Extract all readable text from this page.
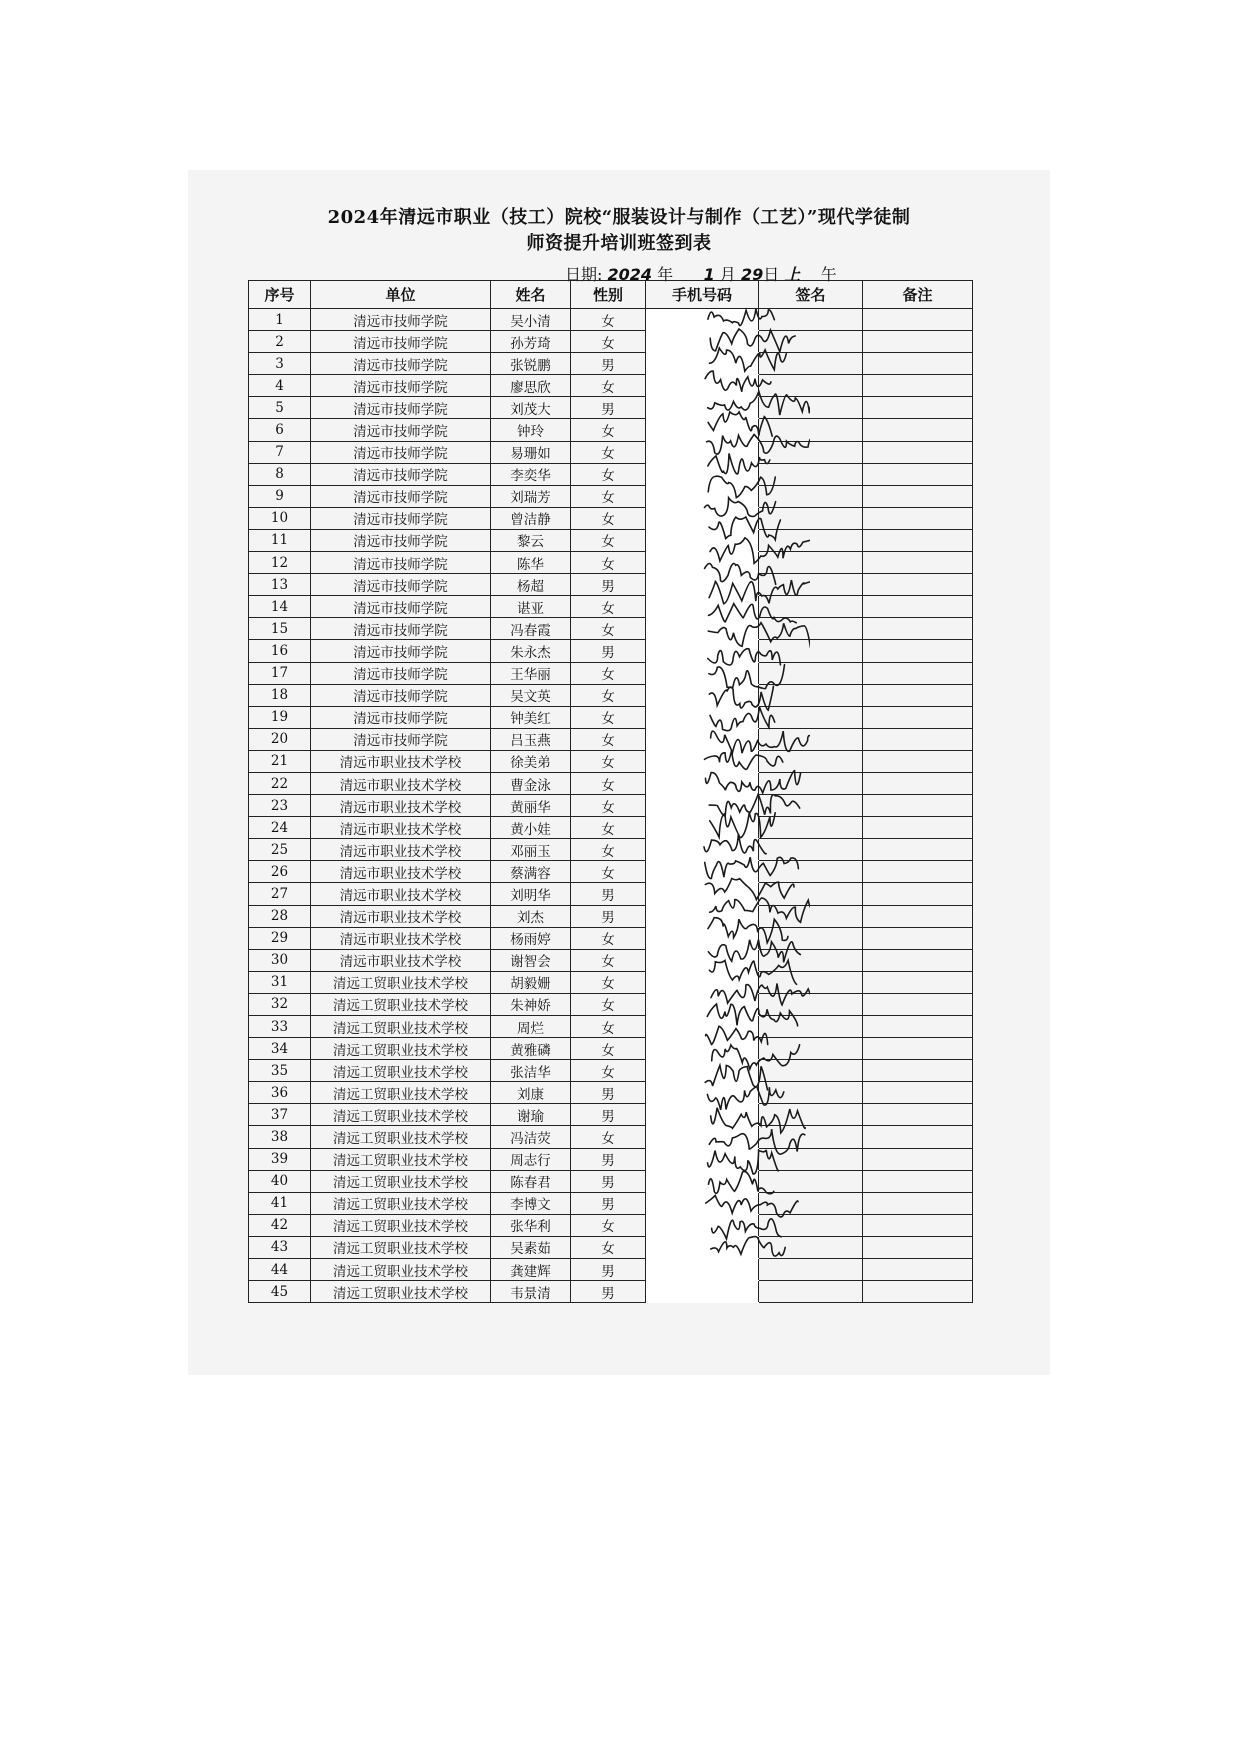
2024年清远市职业（技工）院校“服装设计与制作（工艺）”现代学徒制
师资提升培训班签到表
日期: 2024 年 1 月 29日 上 午
序号	单位	姓名	性别	手机号码	签名	备注
1	清远市技师学院	吴小清	女			
2	清远市技师学院	孙芳琦	女			
3	清远市技师学院	张锐鹏	男			
4	清远市技师学院	廖思欣	女			
5	清远市技师学院	刘茂大	男			
6	清远市技师学院	钟玲	女			
7	清远市技师学院	易珊如	女			
8	清远市技师学院	李奕华	女			
9	清远市技师学院	刘瑞芳	女			
10	清远市技师学院	曾洁静	女			
11	清远市技师学院	黎云	女			
12	清远市技师学院	陈华	女			
13	清远市技师学院	杨超	男			
14	清远市技师学院	谌亚	女			
15	清远市技师学院	冯春霞	女			
16	清远市技师学院	朱永杰	男			
17	清远市技师学院	王华丽	女			
18	清远市技师学院	吴文英	女			
19	清远市技师学院	钟美红	女			
20	清远市技师学院	吕玉燕	女			
21	清远市职业技术学校	徐美弟	女			
22	清远市职业技术学校	曹金泳	女			
23	清远市职业技术学校	黄丽华	女			
24	清远市职业技术学校	黄小娃	女			
25	清远市职业技术学校	邓丽玉	女			
26	清远市职业技术学校	蔡满容	女			
27	清远市职业技术学校	刘明华	男			
28	清远市职业技术学校	刘杰	男			
29	清远市职业技术学校	杨雨婷	女			
30	清远市职业技术学校	谢智会	女			
31	清远工贸职业技术学校	胡毅姗	女			
32	清远工贸职业技术学校	朱神娇	女			
33	清远工贸职业技术学校	周烂	女			
34	清远工贸职业技术学校	黄雅磷	女			
35	清远工贸职业技术学校	张洁华	女			
36	清远工贸职业技术学校	刘康	男			
37	清远工贸职业技术学校	谢瑜	男			
38	清远工贸职业技术学校	冯洁荧	女			
39	清远工贸职业技术学校	周志行	男			
40	清远工贸职业技术学校	陈春君	男			
41	清远工贸职业技术学校	李博文	男			
42	清远工贸职业技术学校	张华利	女			
43	清远工贸职业技术学校	吴素茹	女			
44	清远工贸职业技术学校	龚建辉	男			
45	清远工贸职业技术学校	韦景清	男			
